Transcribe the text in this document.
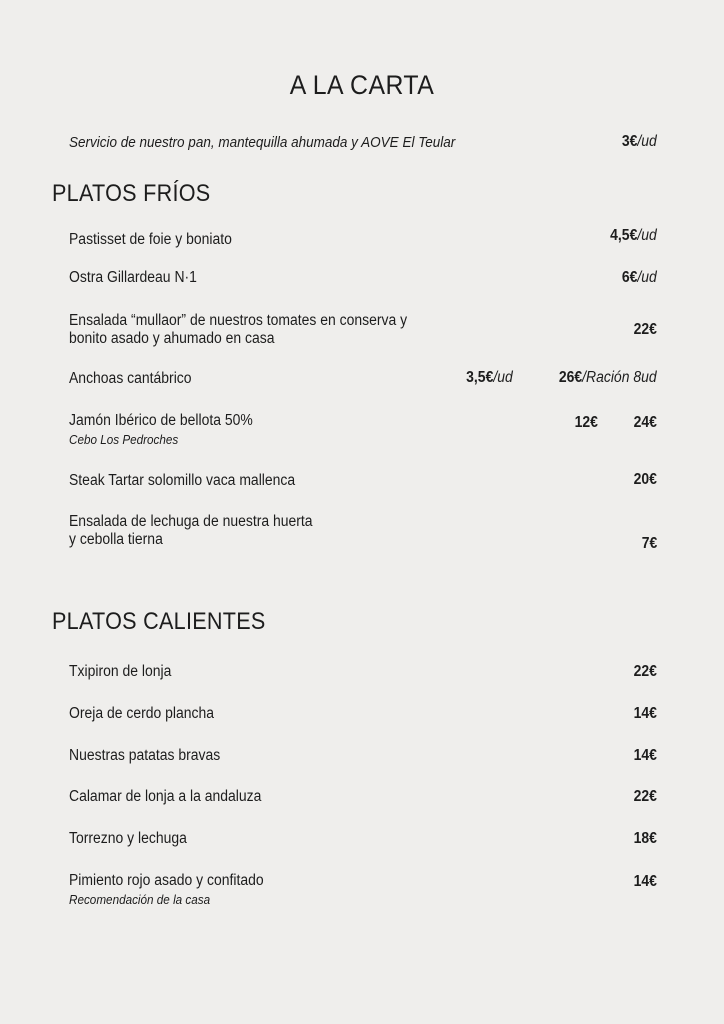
A LA CARTA
Servicio de nuestro pan, mantequilla ahumada y AOVE El Teular	3€/ud
PLATOS FRÍOS
Pastisset de foie y boniato	4,5€/ud
Ostra Gillardeau N·1	6€/ud
Ensalada “mullaor” de nuestros tomates en conserva y
bonito asado y ahumado en casa
22€
Anchoas cantábrico	3,5€/ud	26€/Ración 8ud
Jamón Ibérico de bellota 50%
Cebo Los Pedroches
12€ 24€
Steak Tartar solomillo vaca mallenca	20€
Ensalada de lechuga de nuestra huerta
y cebolla tierna	7€
PLATOS CALIENTES
Txipiron de lonja	22€
Oreja de cerdo plancha	14€
Nuestras patatas bravas	14€
Calamar de lonja a la andaluza	22€
Torrezno y lechuga	18€
Pimiento rojo asado y confitado
Recomendación de la casa
14€
